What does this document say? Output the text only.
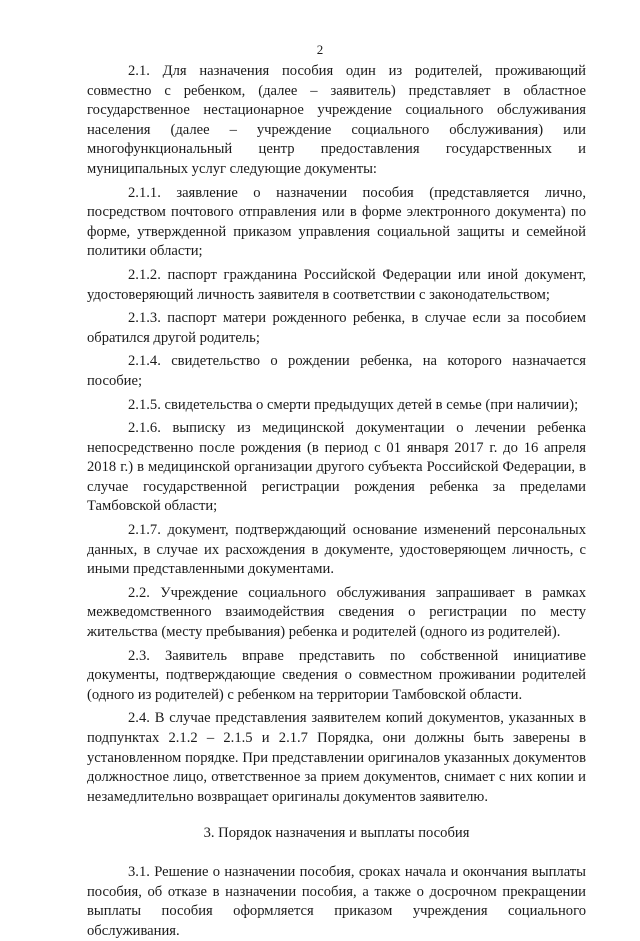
2

2.1. Для назначения пособия один из родителей, проживающий совместно с ребенком, (далее – заявитель) представляет в областное государственное нестационарное учреждение социального обслуживания населения (далее – учреждение социального обслуживания) или многофункциональный центр предоставления государственных и муниципальных услуг следующие документы:

2.1.1. заявление о назначении пособия (представляется лично, посредством почтового отправления или в форме электронного документа) по форме, утвержденной приказом управления социальной защиты и семейной политики области;

2.1.2. паспорт гражданина Российской Федерации или иной документ, удостоверяющий личность заявителя в соответствии с законодательством;

2.1.3. паспорт матери рожденного ребенка, в случае если за пособием обратился другой родитель;

2.1.4. свидетельство о рождении ребенка, на которого назначается пособие;

2.1.5. свидетельства о смерти предыдущих детей в семье (при наличии);

2.1.6. выписку из медицинской документации о лечении ребенка непосредственно после рождения (в период с 01 января 2017 г. до 16 апреля 2018 г.) в медицинской организации другого субъекта Российской Федерации, в случае государственной регистрации рождения ребенка за пределами Тамбовской области;

2.1.7. документ, подтверждающий основание изменений персональных данных, в случае их расхождения в документе, удостоверяющем личность, с иными представленными документами.

2.2. Учреждение социального обслуживания запрашивает в рамках межведомственного взаимодействия сведения о регистрации по месту жительства (месту пребывания) ребенка и родителей (одного из родителей).

2.3. Заявитель вправе представить по собственной инициативе документы, подтверждающие сведения о совместном проживании родителей (одного из родителей) с ребенком на территории Тамбовской области.

2.4. В случае представления заявителем копий документов, указанных в подпунктах 2.1.2 – 2.1.5 и 2.1.7 Порядка, они должны быть заверены в установленном порядке. При представлении оригиналов указанных документов должностное лицо, ответственное за прием документов, снимает с них копии и незамедлительно возвращает оригиналы документов заявителю.

3. Порядок назначения и выплаты пособия

3.1. Решение о назначении пособия, сроках начала и окончания выплаты пособия, об отказе в назначении пособия, а также о досрочном прекращении выплаты пособия оформляется приказом учреждения социального обслуживания.
